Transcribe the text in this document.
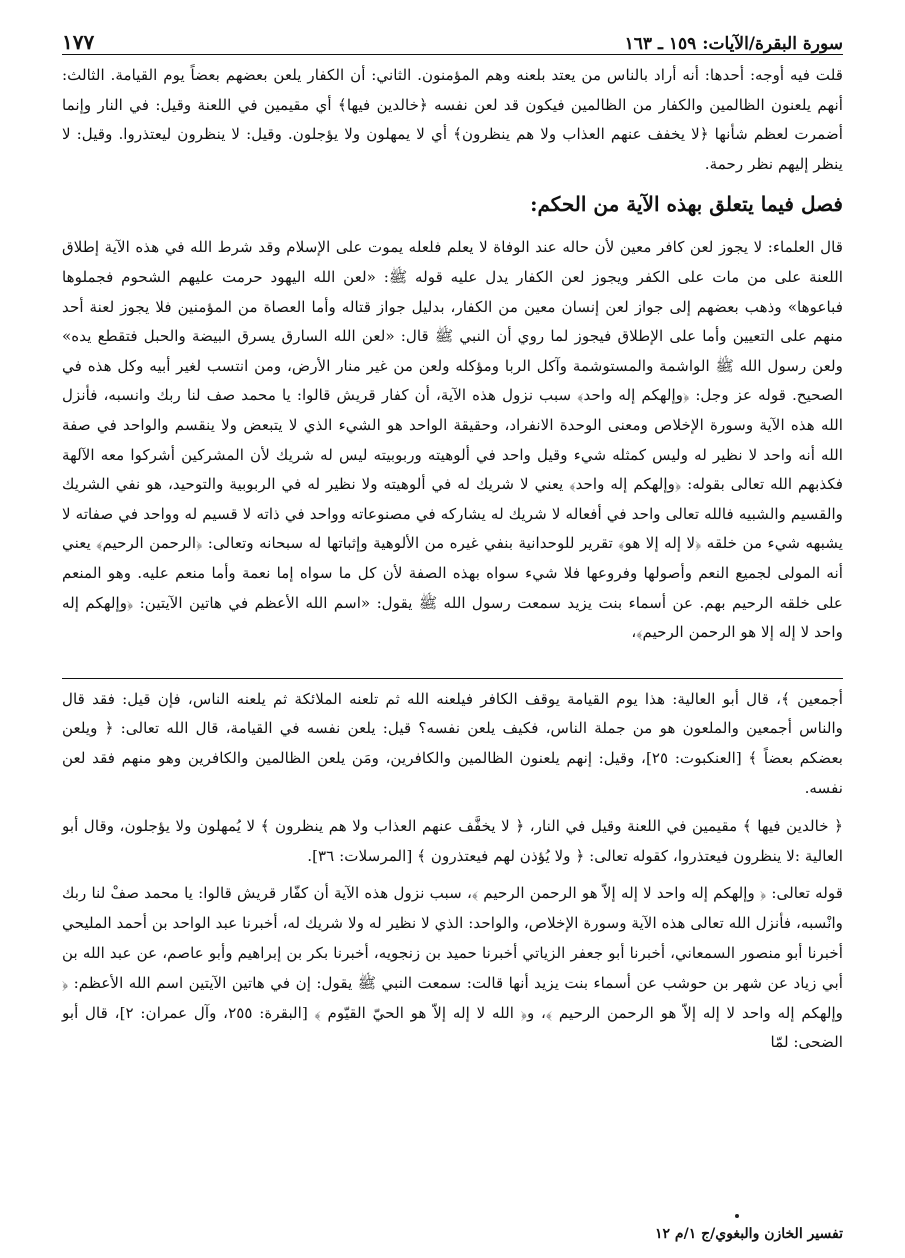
سورة البقرة/الآيات: ١٥٩ ـ ١٦٣
١٧٧

قلت فيه أوجه: أحدها: أنه أراد بالناس من يعتد بلعنه وهم المؤمنون. الثاني: أن الكفار يلعن بعضهم بعضاً يوم القيامة. الثالث: أنهم يلعنون الظالمين والكفار من الظالمين فيكون قد لعن نفسه ﴿خالدين فيها﴾ أي مقيمين في اللعنة وقيل: في النار وإنما أضمرت لعظم شأنها ﴿لا يخفف عنهم العذاب ولا هم ينظرون﴾ أي لا يمهلون ولا يؤجلون. وقيل: لا ينظرون ليعتذروا. وقيل: لا ينظر إليهم نظر رحمة.

فصل فيما يتعلق بهذه الآية من الحكم:

قال العلماء: لا يجوز لعن كافر معين لأن حاله عند الوفاة لا يعلم فلعله يموت على الإسلام وقد شرط الله في هذه الآية إطلاق اللعنة على من مات على الكفر ويجوز لعن الكفار يدل عليه قوله ﷺ: «لعن الله اليهود حرمت عليهم الشحوم فجملوها فباعوها» وذهب بعضهم إلى جواز لعن إنسان معين من الكفار، بدليل جواز قتاله وأما العصاة من المؤمنين فلا يجوز لعنة أحد منهم على التعيين وأما على الإطلاق فيجوز لما روي أن النبي ﷺ قال: «لعن الله السارق يسرق البيضة والحبل فتقطع يده» ولعن رسول الله ﷺ الواشمة والمستوشمة وآكل الربا ومؤكله ولعن من غير منار الأرض، ومن انتسب لغير أبيه وكل هذه في الصحيح. قوله عز وجل: ﴿وإلهكم إله واحد﴾ سبب نزول هذه الآية، أن كفار قريش قالوا: يا محمد صف لنا ربك وانسبه، فأنزل الله هذه الآية وسورة الإخلاص ومعنى الوحدة الانفراد، وحقيقة الواحد هو الشيء الذي لا يتبعض ولا ينقسم والواحد في صفة الله أنه واحد لا نظير له وليس كمثله شيء وقيل واحد في ألوهيته وربوبيته ليس له شريك لأن المشركين أشركوا معه الآلهة فكذبهم الله تعالى بقوله: ﴿وإلهكم إله واحد﴾ يعني لا شريك له في ألوهيته ولا نظير له في الربوبية والتوحيد، هو نفي الشريك والقسيم والشبيه فالله تعالى واحد في أفعاله لا شريك له يشاركه في مصنوعاته وواحد في ذاته لا قسيم له وواحد في صفاته لا يشبهه شيء من خلقه ﴿لا إله إلا هو﴾ تقرير للوحدانية بنفي غيره من الألوهية وإثباتها له سبحانه وتعالى: ﴿الرحمن الرحيم﴾ يعني أنه المولى لجميع النعم وأصولها وفروعها فلا شيء سواه بهذه الصفة لأن كل ما سواه إما نعمة وأما منعم عليه. وهو المنعم على خلقه الرحيم بهم. عن أسماء بنت يزيد سمعت رسول الله ﷺ يقول: «اسم الله الأعظم في هاتين الآيتين: ﴿وإلهكم إله واحد لا إله إلا هو الرحمن الرحيم﴾،

أجمعين ﴾، قال أبو العالية: هذا يوم القيامة يوقف الكافر فيلعنه الله ثم تلعنه الملائكة ثم يلعنه الناس، فإن قيل: فقد قال والناس أجمعين والملعون هو من جملة الناس، فكيف يلعن نفسه؟ قيل: يلعن نفسه في القيامة، قال الله تعالى: ﴿ ويلعن بعضكم بعضاً ﴾ [العنكبوت: ٢٥]، وقيل: إنهم يلعنون الظالمين والكافرين، ومَن يلعن الظالمين والكافرين وهو منهم فقد لعن نفسه.

﴿ خالدين فيها ﴾ مقيمين في اللعنة وقيل في النار، ﴿ لا يخفَّف عنهم العذاب ولا هم ينظرون ﴾ لا يُمهلون ولا يؤجلون، وقال أبو العالية :لا ينظرون فيعتذروا، كقوله تعالى: ﴿ ولا يُؤذن لهم فيعتذرون ﴾ [المرسلات: ٣٦].

قوله تعالى: ﴿ وإلهكم إله واحد لا إله إلاّ هو الرحمن الرحيم ﴾، سبب نزول هذه الآية أن كفّار قريش قالوا: يا محمد صفْ لنا ربك وانْسبه، فأنزل الله تعالى هذه الآية وسورة الإخلاص، والواحد: الذي لا نظير له ولا شريك له، أخبرنا عبد الواحد بن أحمد المليحي أخبرنا أبو منصور السمعاني، أخبرنا أبو جعفر الزياتي أخبرنا حميد بن زنجويه، أخبرنا بكر بن إبراهيم وأبو عاصم، عن عبد الله بن أبي زياد عن شهر بن حوشب عن أسماء بنت يزيد أنها قالت: سمعت النبي ﷺ يقول: إن في هاتين الآيتين اسم الله الأعظم: ﴿ وإلهكم إله واحد لا إله إلاّ هو الرحمن الرحيم ﴾، و﴿ الله لا إله إلاّ هو الحيّ القيّوم ﴾ [البقرة: ٢٥٥، وآل عمران: ٢]، قال أبو الضحى: لمّا

تفسير الخازن والبغوي/ج ١/م ١٢
